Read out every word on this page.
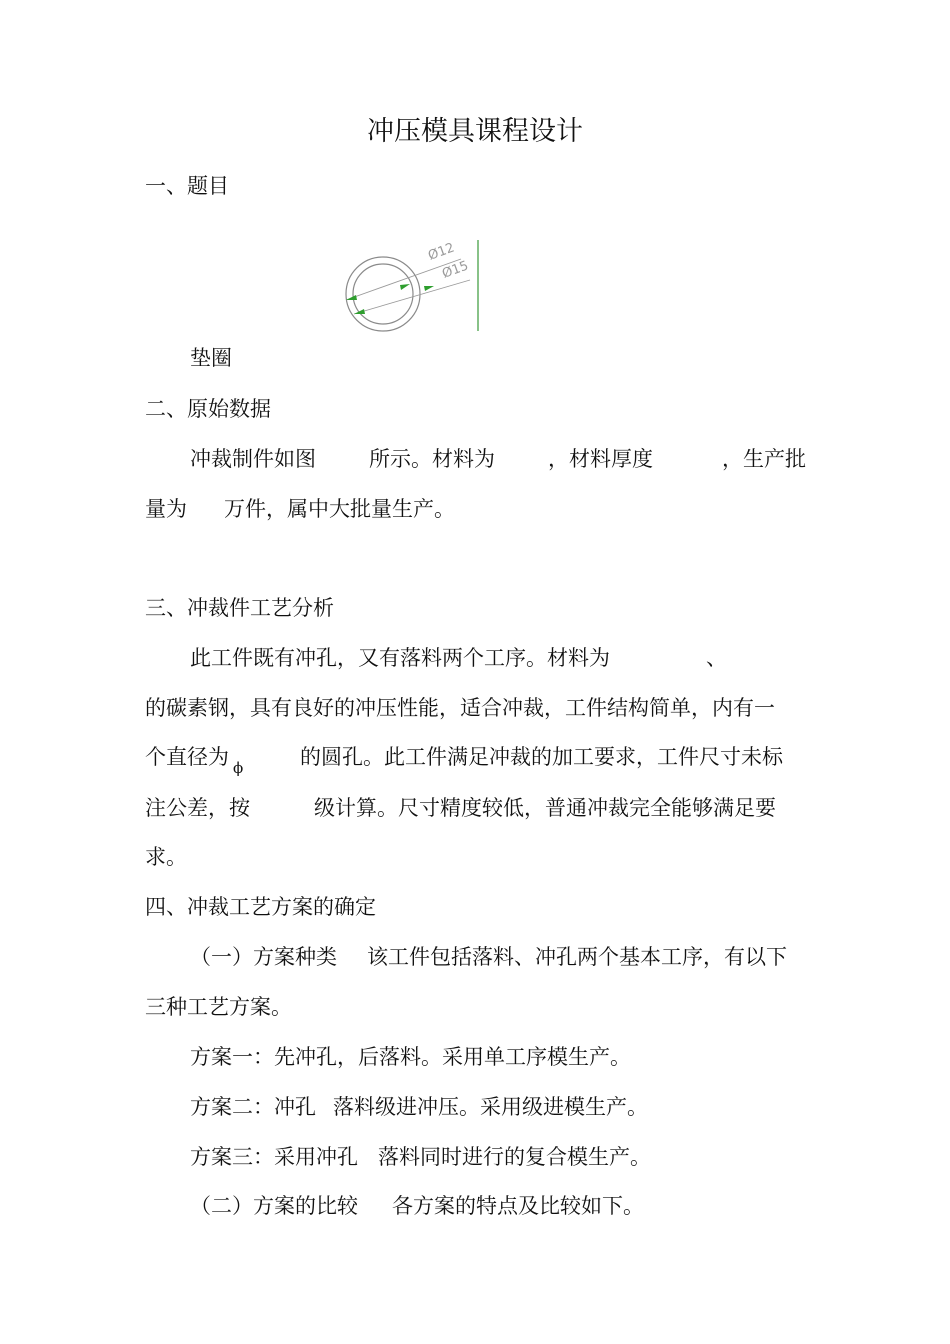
冲压模具课程设计
一、题目
Ø12
Ø15
垫圈
二、原始数据
冲裁制件如图	所示。材料为	，材料厚度	，生产批
量为 万件，属中大批量生产。
三、冲裁件工艺分析
此工件既有冲孔，又有落料两个工序。材料为	、
的碳素钢，具有良好的冲压性能，适合冲裁，工件结构简单，内有一
个直径为 ϕ	的圆孔。此工件满足冲裁的加工要求，工件尺寸未标
注公差，按	级计算。尺寸精度较低，普通冲裁完全能够满足要
求。
四、冲裁工艺方案的确定
（一）方案种类 该工件包括落料、冲孔两个基本工序，有以下
三种工艺方案。
方案一：先冲孔，后落料。采用单工序模生产。
方案二：冲孔 落料级进冲压。采用级进模生产。
方案三：采用冲孔 落料同时进行的复合模生产。
（二）方案的比较 各方案的特点及比较如下。
